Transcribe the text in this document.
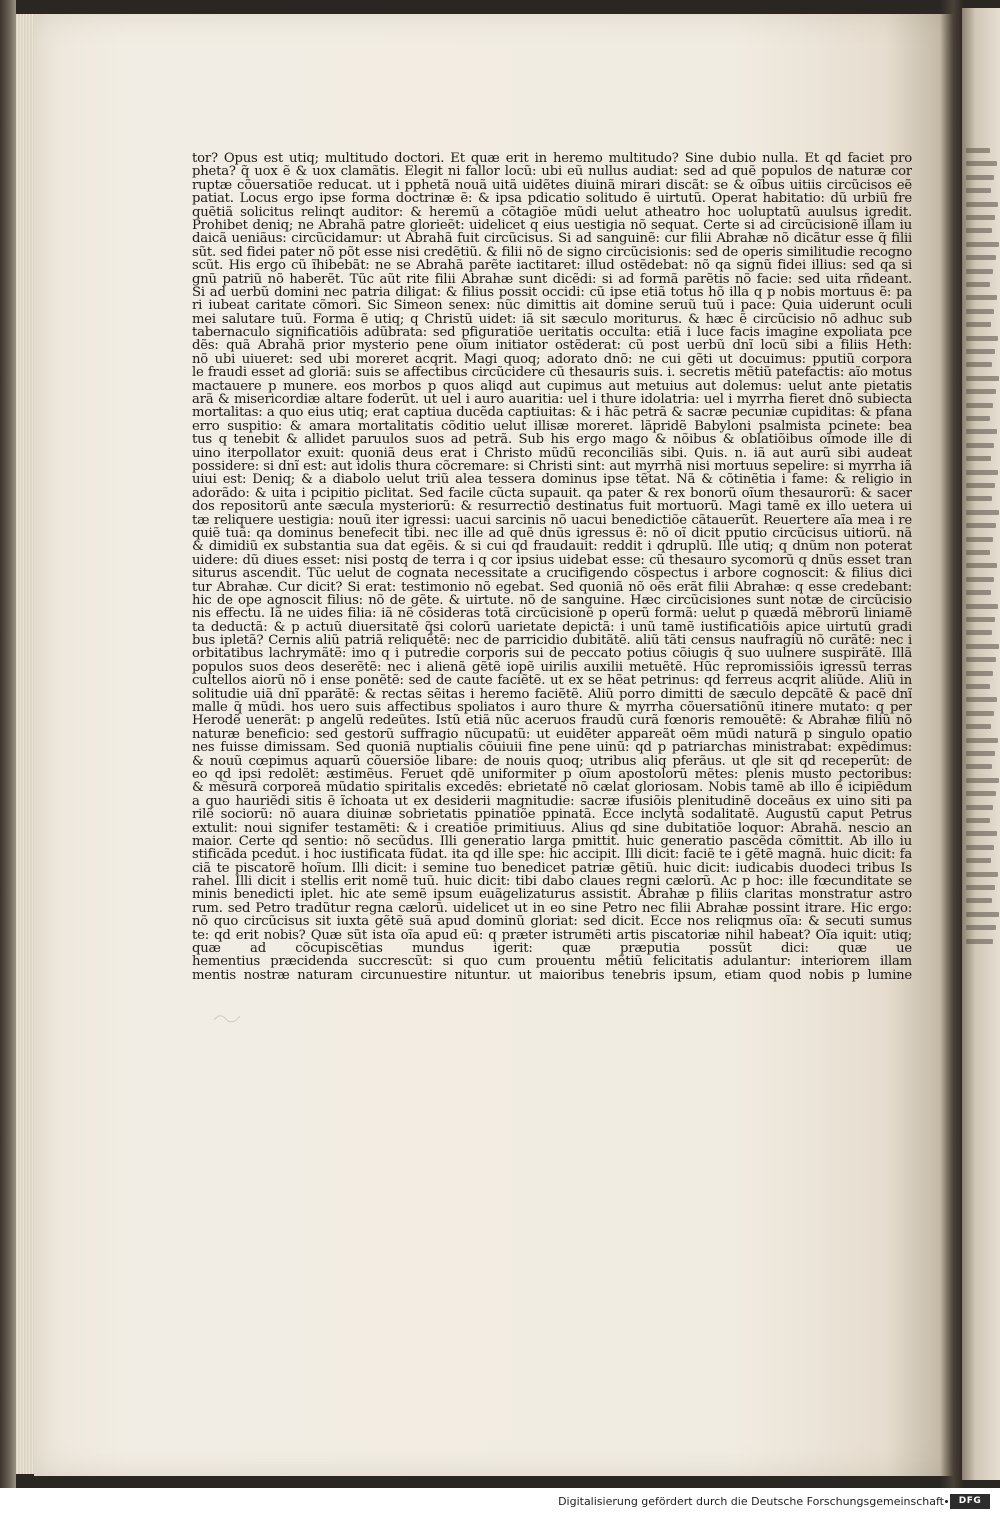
tor? Opus est utiq; multitudo doctori. Et quæ erit in heremo multitudo? Sine dubio nulla. Et qd faciet pro
pheta? q̃ uox ẽ & uox clamãtis. Elegit ni fallor locũ: ubi eũ nullus audiat: sed ad quẽ populos de naturæ cor
ruptæ cõuersatiõe reducat. ut i pphetã nouã uitã uidẽtes diuinã mirari discãt: se & oĩbus uitiis circũcisos eẽ
patiat. Locus ergo ipse forma doctrinæ ẽ: & ipsa pdicatio solitudo ẽ uirtutũ. Operat habitatio: dũ urbiũ fre
quẽtiã solicitus relinqt auditor: & heremũ a cõtagiõe mũdi uelut atheatro hoc uoluptatũ auulsus igredit.
Prohibet deniq; ne Abrahã patre glorieẽt: uidelicet q eius uestigia nõ sequat. Certe si ad circũcisionẽ illam iu
daicã ueniãus: circũcidamur: ut Abrahã fuit circũcisus. Si ad sanguinẽ: cur filii Abrahæ nõ dicãtur esse q̃ filii
sũt. sed fidei pater nõ põt esse nisi credẽtiũ. & filii nõ de signo circũcisionis: sed de operis similitudie recogno
scũt. His ergo cũ ĩhibebãt: ne se Abrahã parẽte iactitaret: illud ostẽdebat: nõ qa signũ fidei illius: sed qa si
gnũ patriũ nõ haberẽt. Tũc aũt rite filii Abrahæ sunt dicẽdi: si ad formã parẽtis nõ facie: sed uita rñdeant.
Si ad uerbũ domini nec patria diligat: & filius possit occidi: cũ ipse etiã totus hõ illa q p nobis mortuus ẽ: pa
ri iubeat caritate cõmori. Sic Simeon senex: nũc dimittis ait domine seruũ tuũ i pace: Quia uiderunt oculi
mei salutare tuũ. Forma ẽ utiq; q Christũ uidet: iã sit sæculo moriturus. & hæc ẽ circũcisio nõ adhuc sub
tabernaculo significatiõis adũbrata: sed pfiguratiõe ueritatis occulta: etiã i luce facis imagine expoliata pce
dẽs: quã Abrahã prior mysterio pene oĩum initiator ostẽderat: cũ post uerbũ dnĩ locũ sibi a filiis Heth:
nõ ubi uiueret: sed ubi moreret acqrit. Magi quoq; adorato dnõ: ne cui gẽti ut docuimus: pputiũ corpora
le fraudi esset ad gloriã: suis se affectibus circũcidere cũ thesauris suis. i. secretis mẽtiũ patefactis: aĩo motus
mactauere p munere. eos morbos p quos aliqd aut cupimus aut metuius aut dolemus: uelut ante pietatis
arã & misericordiæ altare foderũt. ut uel i auro auaritia: uel i thure idolatria: uel i myrrha fieret dnõ subiecta
mortalitas: a quo eius utiq; erat captiua ducẽda captiuitas: & i hãc petrã & sacræ pecuniæ cupiditas: & pfana
erro suspitio: & amara mortalitatis cõditio uelut illisæ moreret. lãpridẽ Babyloni psalmista pcinete: bea
tus q tenebit & allidet paruulos suos ad petrã. Sub his ergo mago & nõibus & oblatiõibus oĩmode ille di
uino iterpollator exuit: quoniã deus erat i Christo mũdũ reconciliãs sibi. Quis. n. iã aut aurũ sibi audeat
possidere: si dnĩ est: aut idolis thura cõcremare: si Christi sint: aut myrrhã nisi mortuus sepelire: si myrrha iã
uiui est: Deniq; & a diabolo uelut triũ alea tessera dominus ipse tẽtat. Nã & cõtinẽtia i fame: & religio in
adorãdo: & uita i pcipitio piclitat. Sed facile cũcta supauit. qa pater & rex bonorũ oĩum thesaurorũ: & sacer
dos repositorũ ante sæcula mysteriorũ: & resurrectiõ destinatus fuit mortuorũ. Magi tamẽ ex illo uetera ui
tæ reliquere uestigia: nouũ iter igressi: uacui sarcinis nõ uacui benedictiõe cãtauerũt. Reuertere aĩa mea i re
quiẽ tuã: qa dominus benefecit tibi. nec ille ad quẽ dnũs igressus ẽ: nõ oĩ dicit pputio circũcisus uitiorũ. nã
& dimidiũ ex substantia sua dat egẽis. & si cui qd fraudauit: reddit i qdruplũ. Ille utiq; q dnũm non poterat
uidere: dũ diues esset: nisi postq de terra i q cor ipsius uidebat esse: cũ thesauro sycomorũ q dnũs esset tran
siturus ascendit. Tũc uelut de cognata necessitate a crucifigendo cõspectus i arbore cognoscit: & filius dici
tur Abrahæ. Cur dicit? Si erat: testimonio nõ egebat. Sed quoniã nõ oẽs erãt filii Abrahæ: q esse credebant:
hic de ope agnoscit filius: nõ de gẽte. & uirtute. nõ de sanguine. Hæc circũcisiones sunt notæ de circũcisio
nis effectu. Iã ne uides filia: iã nẽ cõsideras totã circũcisionẽ p operũ formã: uelut p quædã mẽbrorũ liniamẽ
ta deductã: & p actuũ diuersitatẽ q̃si colorũ uarietate depictã: i unũ tamẽ iustificatiõis apice uirtutũ gradi
bus ipletã? Cernis aliũ patriã reliquẽtẽ: nec de parricidio dubitãtẽ. aliũ tãti census naufragiũ nõ curãtẽ: nec i
orbitatibus lachrymãtẽ: imo q i putredie corporis sui de peccato potius cõiugis q̃ suo uulnere suspirãtẽ. Illã
populos suos deos deserẽtẽ: nec i alienã gẽtẽ iopẽ uirilis auxilii metuẽtẽ. Hũc repromissiõis igressũ terras
cultellos aiorũ nõ i ense ponẽtẽ: sed de caute faciẽtẽ. ut ex se hẽat petrinus: qd ferreus acqrit aliũde. Aliũ in
solitudie uiã dnĩ pparãtẽ: & rectas sẽitas i heremo faciẽtẽ. Aliũ porro dimitti de sæculo depcãtẽ & pacẽ dnĩ
malle q̃ mũdi. hos uero suis affectibus spoliatos i auro thure & myrrha cõuersatiõnũ itinere mutato: q per
Herodẽ uenerãt: p angelũ redeũtes. Istũ etiã nũc aceruos fraudũ curã fœnoris remouẽtẽ: & Abrahæ filiũ nõ
naturæ beneficio: sed gestorũ suffragio nũcupatũ: ut euidẽter appareãt oẽm mũdi naturã p singulo opatio
nes fuisse dimissam. Sed quoniã nuptialis cõuiuii fine pene uinũ: qd p patriarchas ministrabat: expẽdimus:
& nouũ cœpimus aquarũ cõuersiõe libare: de nouis quoq; utribus aliq pferãus. ut qle sit qd receperũt: de
eo qd ipsi redolẽt: æstimẽus. Feruet qdẽ uniformiter p oĩum apostolorũ mẽtes: plenis musto pectoribus:
& mẽsurã corporeã mũdatio spiritalis excedẽs: ebrietatẽ nõ cælat gloriosam. Nobis tamẽ ab illo ẽ icipiẽdum
a quo hauriẽdi sitis ẽ ĩchoata ut ex desiderii magnitudie: sacræ ifusiõis plenitudinẽ doceãus ex uino siti pa
rilẽ sociorũ: nõ auara diuinæ sobrietatis ppinatiõe ppinatã. Ecce inclytã sodalitatẽ. Augustũ caput Petrus
extulit: noui signifer testamẽti: & i creatiõe primitiuus. Alius qd sine dubitatiõe loquor: Abrahã. nescio an
maior. Certe qd sentio: nõ secũdus. Illi generatio larga pmittit. huic generatio pascẽda cõmittit. Ab illo iu
stificãda pcedut. i hoc iustificata fũdat. ita qd ille spe: hic accipit. Illi dicit: faciẽ te i gẽtẽ magnã. huic dicit: fa
ciã te piscatorẽ hoĩum. Illi dicit: i semine tuo benedicet patriæ gẽtiũ. huic dicit: iudicabis duodeci tribus Is
rahel. Illi dicit i stellis erit nomẽ tuũ. huic dicit: tibi dabo claues regni cælorũ. Ac p hoc: ille fœcunditate se
minis benedicti iplet. hic ate semẽ ipsum euãgelizaturus assistit. Abrahæ p filiis claritas monstratur astro
rum. sed Petro tradũtur regna cælorũ. uidelicet ut in eo sine Petro nec filii Abrahæ possint itrare. Hic ergo:
nõ quo circũcisus sit iuxta gẽtẽ suã apud dominũ gloriat: sed dicit. Ecce nos reliqmus oĩa: & secuti sumus
te: qd erit nobis? Quæ sũt ista oĩa apud eũ: q præter istrumẽti artis piscatoriæ nihil habeat? Oĩa iquit: utiq;
quæ ad cõcupiscẽtias mundus igerit: quæ præputia possũt dici: quæ ue
hementius præcidenda succrescũt: si quo cum prouentu mẽtiũ felicitatis adulantur: interiorem illam
mentis nostræ naturam circunuestire nituntur. ut maioribus tenebris ipsum, etiam quod nobis p lumine
Digitalisierung gefördert durch die Deutsche Forschungsgemeinschaft	DFG
